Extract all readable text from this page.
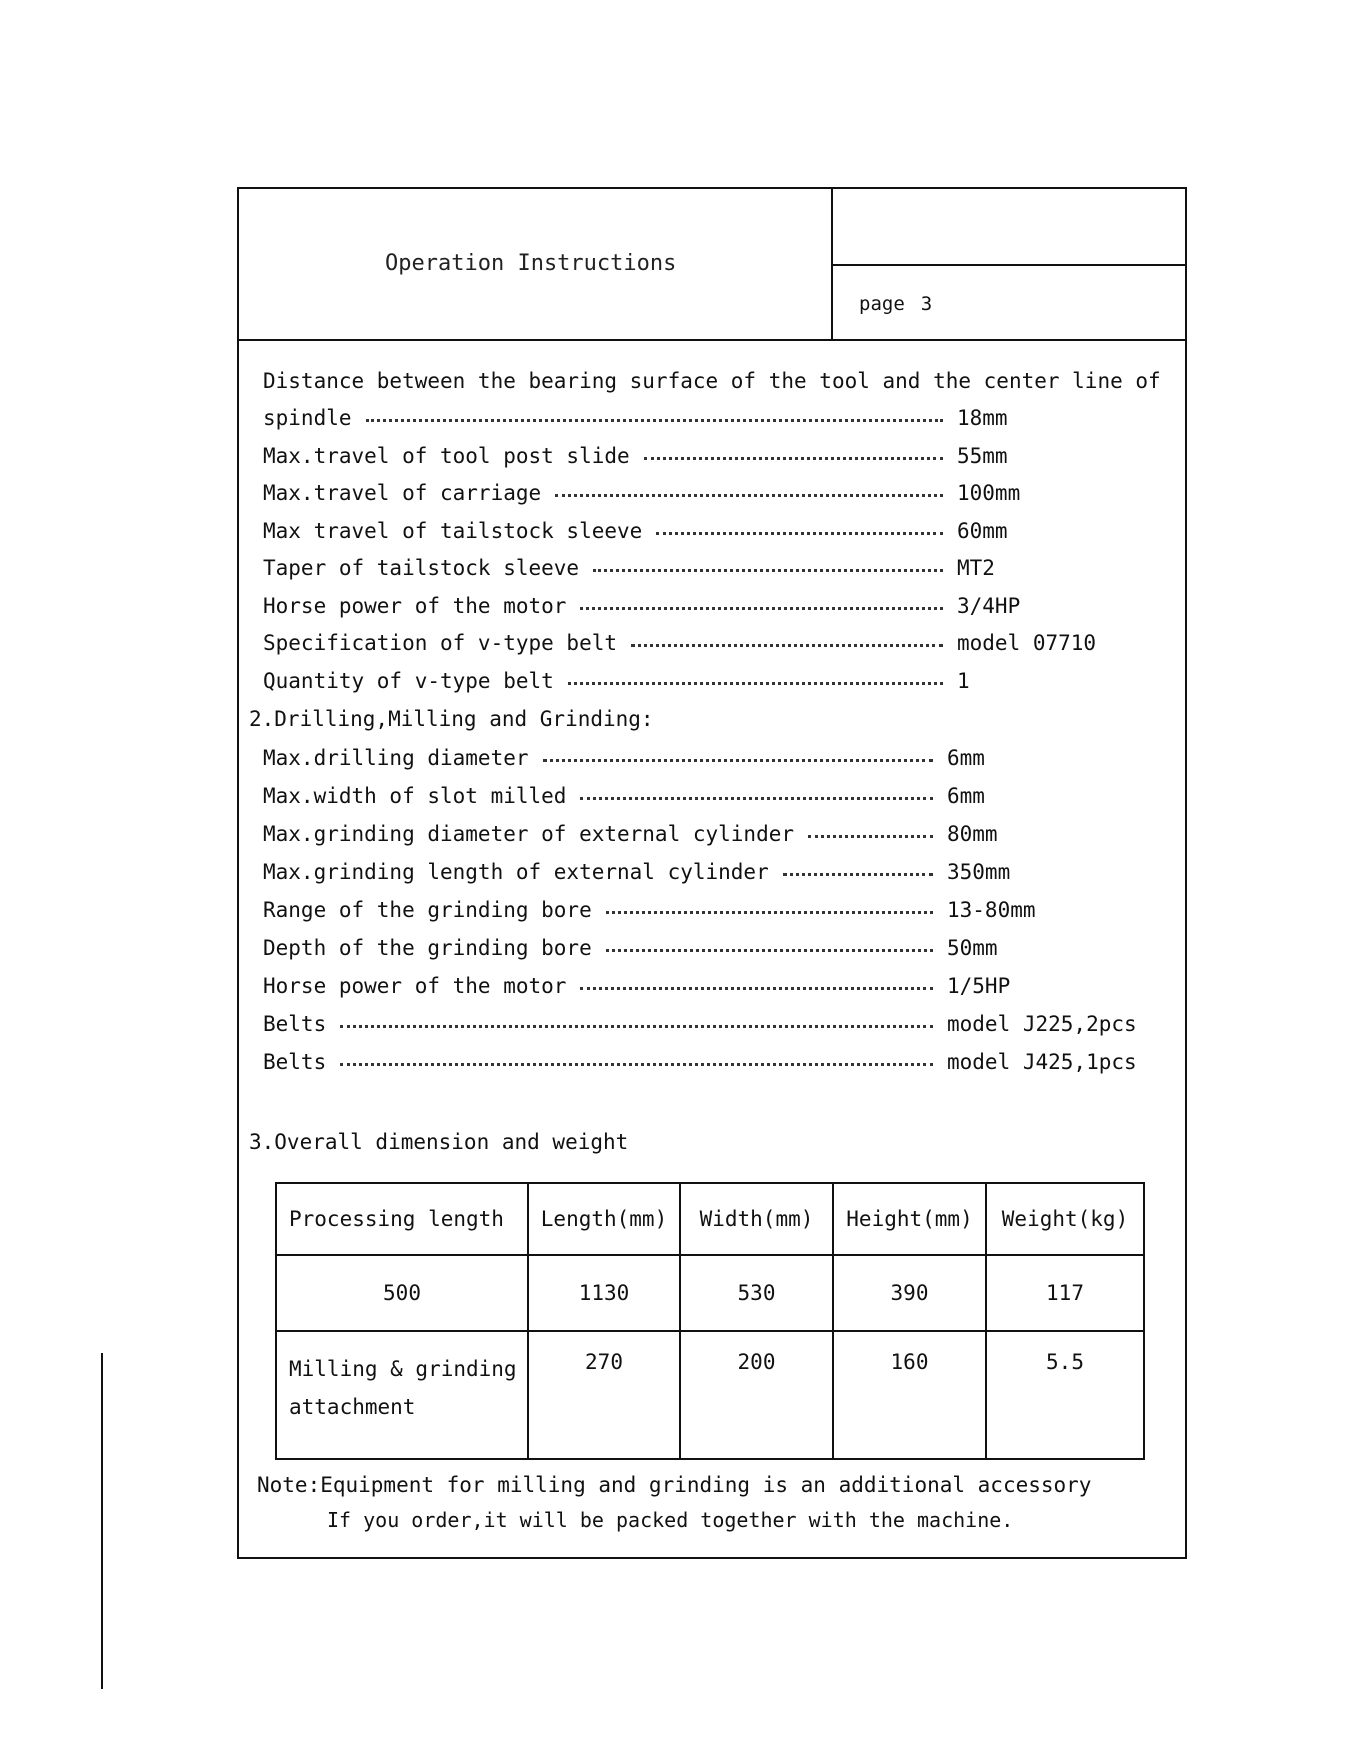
Operation Instructions
page 3
Distance between the bearing surface of the tool and the center line of
spindle	18mm
Max.travel of tool post slide	55mm
Max.travel of carriage	100mm
Max travel of tailstock sleeve	60mm
Taper of tailstock sleeve	MT2
Horse power of the motor	3/4HP
Specification of v-type belt	model 07710
Quantity of v-type belt	1
2.Drilling,Milling and Grinding:
Max.drilling diameter	6mm
Max.width of slot milled	6mm
Max.grinding diameter of external cylinder	80mm
Max.grinding length of external cylinder	350mm
Range of the grinding bore	13-80mm
Depth of the grinding bore	50mm
Horse power of the motor	1/5HP
Belts	model J225,2pcs
Belts	model J425,1pcs
3.Overall dimension and weight
Processing length	Length(mm)	Width(mm)	Height(mm)	Weight(kg)
500	1130	530	390	117
Milling & grinding attachment	270	200	160	5.5
Note:Equipment for milling and grinding is an additional accessory
If you order,it will be packed together with the machine.
